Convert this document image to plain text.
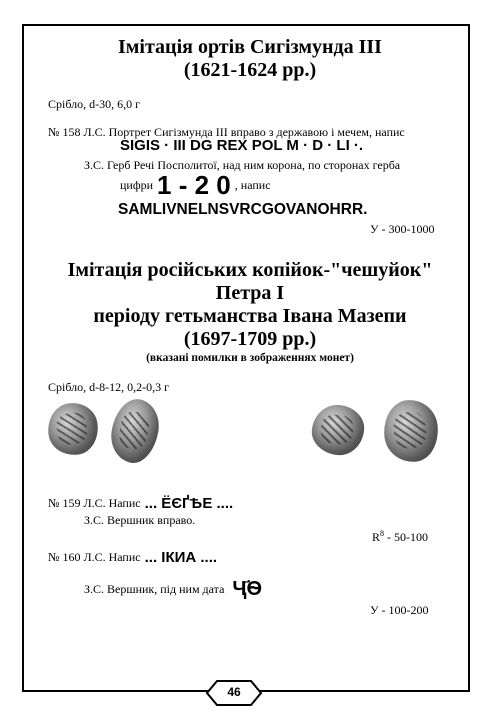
Імітація ортів Сигізмунда III
(1621-1624 рр.)
Срібло, d-30, 6,0 г
№ 158 Л.С. Портрет Сигізмунда III вправо з державою і мечем, напис
SIGIS · III DG REX POL M · D · LI ·.
З.С. Герб Речі Посполитої, над ним корона, по сторонах герба
цифри 1 - 2 0 , напис
SAMLIVNELNSVRCGOVANOHRR.
У - 300-1000
Імітація російських копійок-"чешуйок"
Петра І
періоду гетьманства Івана Мазепи
(1697-1709 рр.)
(вказані помилки в зображеннях монет)
Срібло, d-8-12, 0,2-0,3 г
№ 159 Л.С. Напис ... ЁЄҐѢЕ ....
З.С. Вершник вправо.
$R^8 - 50-100$
№ 160 Л.С. Напис ... ІКИА ....
З.С. Вершник, під ним дата Ҷ҃Ѳ
У - 100-200
46
